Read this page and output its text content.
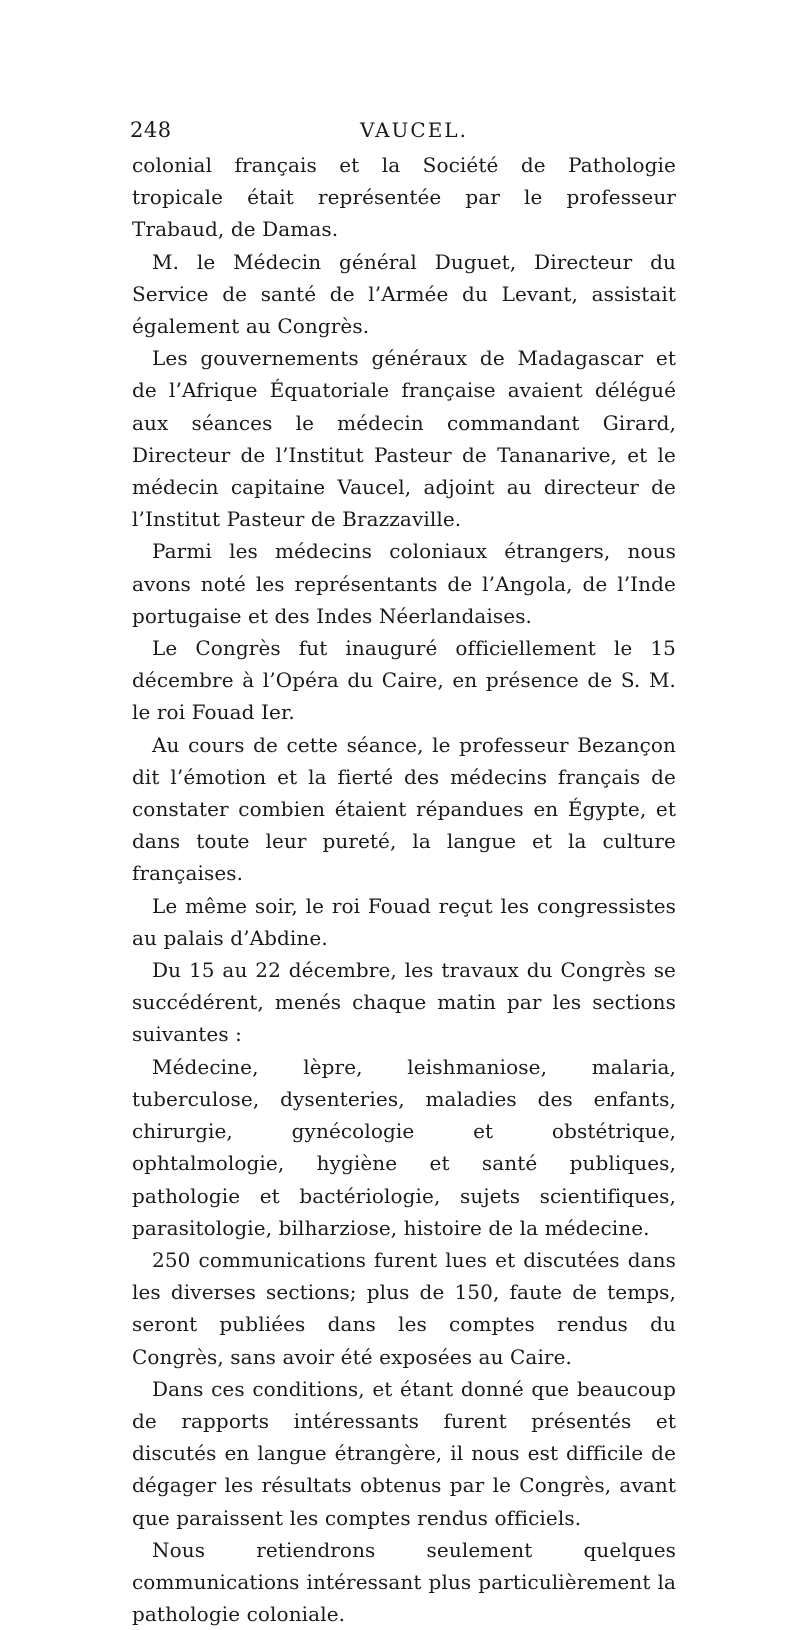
248	VAUCEL.

colonial français et la Société de Pathologie tropicale était représentée par le professeur Trabaud, de Damas.

M. le Médecin général Duguet, Directeur du Service de santé de l’Armée du Levant, assistait également au Congrès.

Les gouvernements généraux de Madagascar et de l’Afrique Équatoriale française avaient délégué aux séances le médecin commandant Girard, Directeur de l’Institut Pasteur de Tananarive, et le médecin capitaine Vaucel, adjoint au directeur de l’Institut Pasteur de Brazzaville.

Parmi les médecins coloniaux étrangers, nous avons noté les représentants de l’Angola, de l’Inde portugaise et des Indes Néerlandaises.

Le Congrès fut inauguré officiellement le 15 décembre à l’Opéra du Caire, en présence de S. M. le roi Fouad Ier.

Au cours de cette séance, le professeur Bezançon dit l’émotion et la fierté des médecins français de constater combien étaient répandues en Égypte, et dans toute leur pureté, la langue et la culture françaises.

Le même soir, le roi Fouad reçut les congressistes au palais d’Abdine.

Du 15 au 22 décembre, les travaux du Congrès se succédérent, menés chaque matin par les sections suivantes :

Médecine, lèpre, leishmaniose, malaria, tuberculose, dysenteries, maladies des enfants, chirurgie, gynécologie et obstétrique, ophtalmologie, hygiène et santé publiques, pathologie et bactériologie, sujets scientifiques, parasitologie, bilharziose, histoire de la médecine.

250 communications furent lues et discutées dans les diverses sections; plus de 150, faute de temps, seront publiées dans les comptes rendus du Congrès, sans avoir été exposées au Caire.

Dans ces conditions, et étant donné que beaucoup de rapports intéressants furent présentés et discutés en langue étrangère, il nous est difficile de dégager les résultats obtenus par le Congrès, avant que paraissent les comptes rendus officiels.

Nous retiendrons seulement quelques communications intéressant plus particulièrement la pathologie coloniale.
